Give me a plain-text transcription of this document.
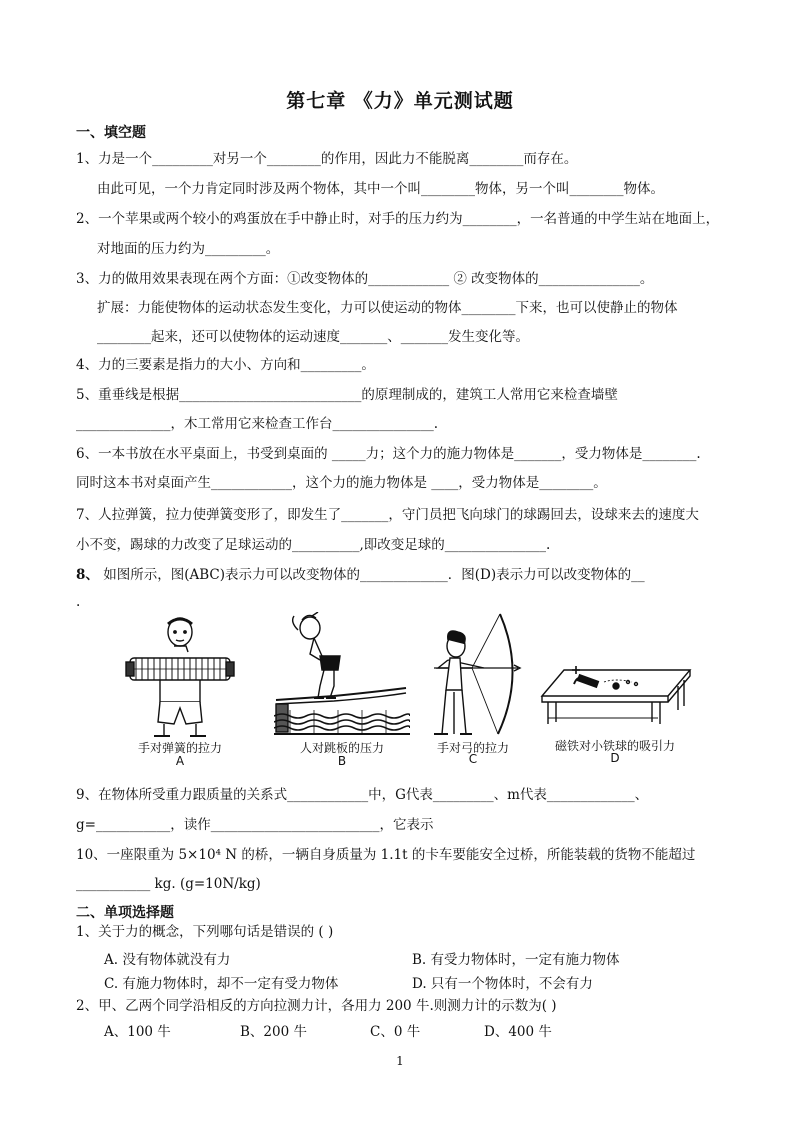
第七章 《力》单元测试题
一、填空题
1、力是一个_________对另一个________的作用，因此力不能脱离________而存在。
由此可见，一个力肯定同时涉及两个物体，其中一个叫________物体，另一个叫________物体。
2、一个苹果或两个较小的鸡蛋放在手中静止时，对手的压力约为________，一名普通的中学生站在地面上，
对地面的压力约为_________。
3、力的做用效果表现在两个方面：①改变物体的____________ ② 改变物体的_______________。
扩展：力能使物体的运动状态发生变化，力可以使运动的物体________下来，也可以使静止的物体
________起来，还可以使物体的运动速度_______、_______发生变化等。
4、力的三要素是指力的大小、方向和_________。
5、重垂线是根据___________________________的原理制成的，建筑工人常用它来检查墙壁
______________，木工常用它来检查工作台_______________.
6、一本书放在水平桌面上，书受到桌面的 _____力；这个力的施力物体是_______，受力物体是________.
同时这本书对桌面产生____________，这个力的施力物体是 ____，受力物体是________。
7、人拉弹簧，拉力使弹簧变形了，即发生了_______，守门员把飞向球门的球踢回去，设球来去的速度大
小不变，踢球的力改变了足球运动的__________,即改变足球的_______________.
8、 如图所示，图(ABC)表示力可以改变物体的_____________．图(D)表示力可以改变物体的__
.
手对弹簧的拉力
A
人对跳板的压力
B
手对弓的拉力
C
磁铁对小铁球的吸引力
D
9、在物体所受重力跟质量的关系式____________中，G代表_________、m代表_____________、
g=___________，读作_________________________，它表示
10、一座限重为 5×10⁴ N 的桥，一辆自身质量为 1.1t 的卡车要能安全过桥，所能装载的货物不能超过
___________ kg. (g=10N/kg)
二、单项选择题
1、关于力的概念，下列哪句话是错误的 ( )
A. 没有物体就没有力	B. 有受力物体时，一定有施力物体
C. 有施力物体时，却不一定有受力物体	D. 只有一个物体时，不会有力
2、甲、乙两个同学沿相反的方向拉测力计，各用力 200 牛.则测力计的示数为( )
A、100 牛	B、200 牛	C、0 牛	D、400 牛
1
